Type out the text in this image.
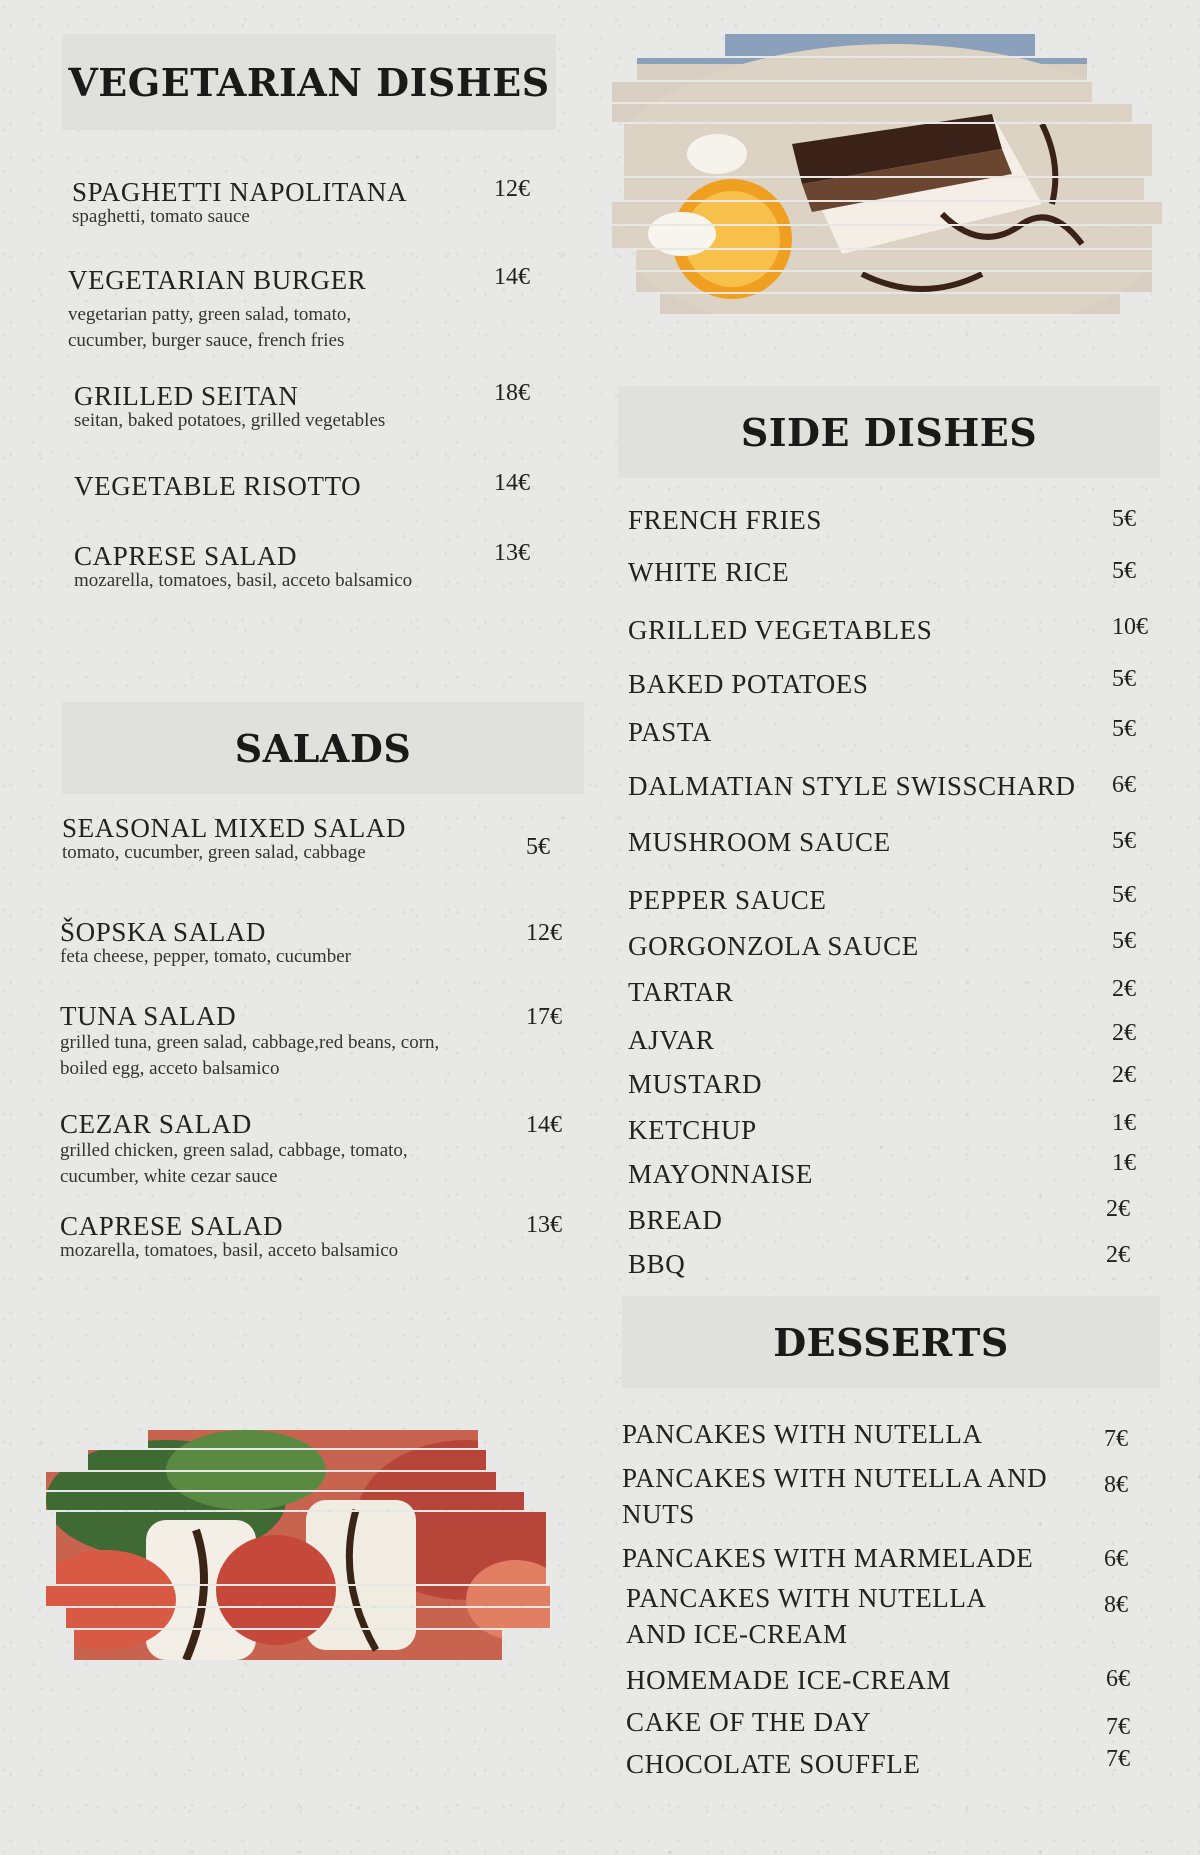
VEGETARIAN DISHES
SPAGHETTI NAPOLITANA
spaghetti, tomato sauce
12€
VEGETARIAN BURGER
vegetarian patty, green salad, tomato, cucumber, burger sauce, french fries
14€
GRILLED SEITAN
seitan, baked potatoes, grilled vegetables
18€
VEGETABLE RISOTTO	14€
CAPRESE SALAD
mozarella, tomatoes, basil, acceto balsamico
13€
SALADS
SEASONAL MIXED SALAD
tomato, cucumber, green salad, cabbage	5€
ŠOPSKA SALAD
feta cheese, pepper, tomato, cucumber
12€
TUNA SALAD
grilled tuna, green salad, cabbage,red beans, corn, boiled egg, acceto balsamico
17€
CEZAR SALAD
grilled chicken, green salad, cabbage, tomato, cucumber, white cezar sauce
14€
CAPRESE SALAD
mozarella, tomatoes, basil, acceto balsamico
13€
SIDE DISHES
FRENCH FRIES	5€
WHITE RICE	5€
GRILLED VEGETABLES	10€
BAKED POTATOES	5€
PASTA	5€
DALMATIAN STYLE SWISSCHARD 6€
MUSHROOM SAUCE	5€
PEPPER SAUCE	5€
GORGONZOLA SAUCE	5€
TARTAR	2€
AJVAR	2€
MUSTARD	2€
KETCHUP	1€
MAYONNAISE	1€
BREAD	2€
BBQ	2€
DESSERTS
PANCAKES WITH NUTELLA	7€
PANCAKES WITH NUTELLA AND NUTS
8€
PANCAKES WITH MARMELADE	6€
PANCAKES WITH NUTELLA AND ICE-CREAM
8€
HOMEMADE ICE-CREAM	6€
CAKE OF THE DAY	7€
CHOCOLATE SOUFFLE	7€
